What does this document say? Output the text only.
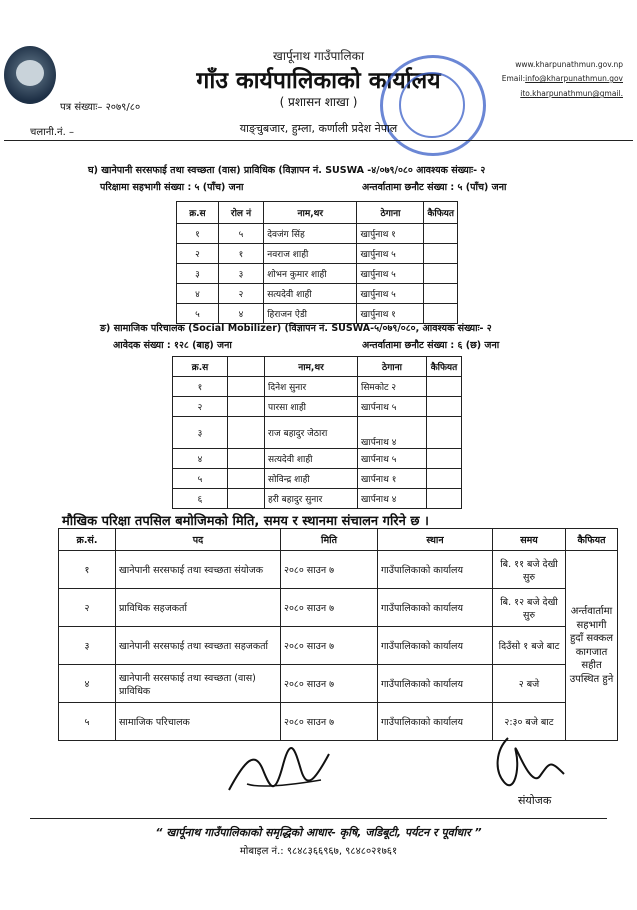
खार्पूनाथ गाउँपालिका
गाँउ कार्यपालिकाको कार्यालय
( प्रशासन शाखा )
www.kharpunathmun.gov.np
Email:info@kharpunathmun.gov
ito.kharpunathmun@gmail.
पत्र संख्याः– २०७९/८०
चलानी.नं. –	याङ्चुबजार, हुम्ला, कर्णाली प्रदेश नेपाल
घ) खानेपानी सरसफाई तथा स्वच्छता (वास) प्राविधिक (विज्ञापन नं. SUSWA -४/०७९/०८० आवश्यक संख्याः- २
परिक्षामा सहभागी संख्या : ५ (पाँच) जना	अन्तर्वातामा छनौट संख्या : ५ (पाँच) जना
क्र.स	रोल नं	नाम,थर	ठेगाना	कैफियत
१	५	देवजंग सिंह	खार्पुनाथ १	
२	१	नवराज शाही	खार्पुनाथ ५	
३	३	शोभन कुमार शाही	खार्पुनाथ ५	
४	२	सत्यदेवी शाही	खार्पुनाथ ५	
५	४	हिराजन ऐडी	खार्पुनाथ १	
ङ) सामाजिक परिचालक (Social Mobilizer) (विज्ञापन नं. SUSWA-५/०७९/०८०, आवश्यक संख्याः- २
आवेदक संख्या : १२८ (बाह) जना	अन्तर्वातामा छनौट संख्या : ६ (छ) जना
क्र.स		नाम,थर	ठेगाना	कैफियत
१		दिनेश सुनार	सिमकोट २	
२		पारसा शाही	खार्पनाथ ५	
३		राज बहादुर जेठारा	खार्पनाथ ४	
४		सत्यदेवी शाही	खार्पनाथ ५	
५		सोविन्द्र शाही	खार्पनाथ १	
६		हरी बहादुर सुनार	खार्पनाथ ४	
मौखिक परिक्षा तपसिल बमोजिमको मिति, समय र स्थानमा संचालन गरिने छ ।
क्र.सं.	पद	मिति	स्थान	समय	कैफियत
१	खानेपानी सरसफाई तथा स्वच्छता संयोजक	२०८० साउन ७	गाउँपालिकाको कार्यालय	बि. ११ बजे देखी सुरु	अर्न्तवार्तामा सहभागी हुदाँ सक्कल कागजात सहीत उपस्थित हुने
२	प्राविधिक सहजकर्ता	२०८० साउन ७	गाउँपालिकाको कार्यालय	बि. १२ बजे देखी सुरु	
३	खानेपानी सरसफाई तथा स्वच्छता सहजकर्ता	२०८० साउन ७	गाउँपालिकाको कार्यालय	दिउँसो १ बजे बाट	
४	खानेपानी सरसफाई तथा स्वच्छता (वास) प्राविधिक	२०८० साउन ७	गाउँपालिकाको कार्यालय	२ बजे	
५	सामाजिक परिचालक	२०८० साउन ७	गाउँपालिकाको कार्यालय	२:३० बजे बाट	
संयोजक
“ खार्पूनाथ गाउँपालिकाको समृद्धिको आधार- कृषि, जडिबूटी, पर्यटन र पूर्वाधार ”
मोबाइल नं.: ९८४८३६६९६७, ९८४८०२१७६१
